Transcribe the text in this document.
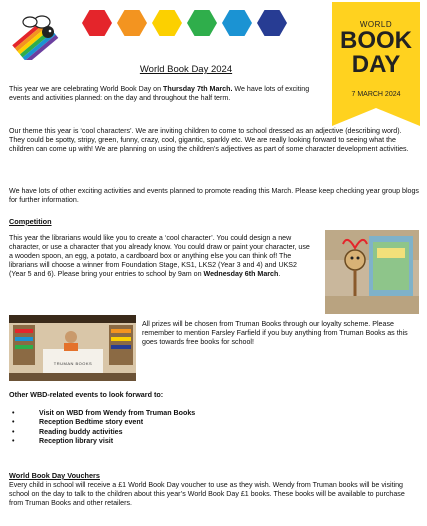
WORLD
BOOK
DAY
7 MARCH 2024
World Book Day 2024
This year we are celebrating World Book Day on Thursday 7th March. We have lots of exciting events and activities planned: on the day and throughout the half term.
Our theme this year is ‘cool characters’. We are inviting children to come to school dressed as an adjective (describing word). They could be spotty, stripy, green, funny, crazy, cool, gigantic, sparkly etc. We are really looking forward to seeing what the children can come up with! We are planning on using the children’s adjectives as part of some character development activities.
We have lots of other exciting activities and events planned to promote reading this March. Please keep checking year group blogs for further information.
Competition
This year the librarians would like you to create a ‘cool character’. You could design a new character, or use a character that you already know. You could draw or paint your character, use a wooden spoon, an egg, a potato, a cardboard box or anything else you can think of! The librarians will choose a winner from Foundation Stage, KS1, LKS2 (Year 3 and 4) and UKS2 (Year 5 and 6). Please bring your entries to school by 9am on Wednesday 6th March.
TRUMAN BOOKS
All prizes will be chosen from Truman Books through our loyalty scheme. Please remember to mention Farsley Farfield if you buy anything from Truman Books as this goes towards free books for school!
Other WBD-related events to look forward to:
• Visit on WBD from Wendy from Truman Books
• Reception Bedtime story event
• Reading buddy activities
• Reception library visit
World Book Day Vouchers
Every child in school will receive a £1 World Book Day voucher to use as they wish. Wendy from Truman books will be visiting school on the day to talk to the children about this year’s World Book Day £1 books. These books will be available to purchase from Truman Books and other retailers.
